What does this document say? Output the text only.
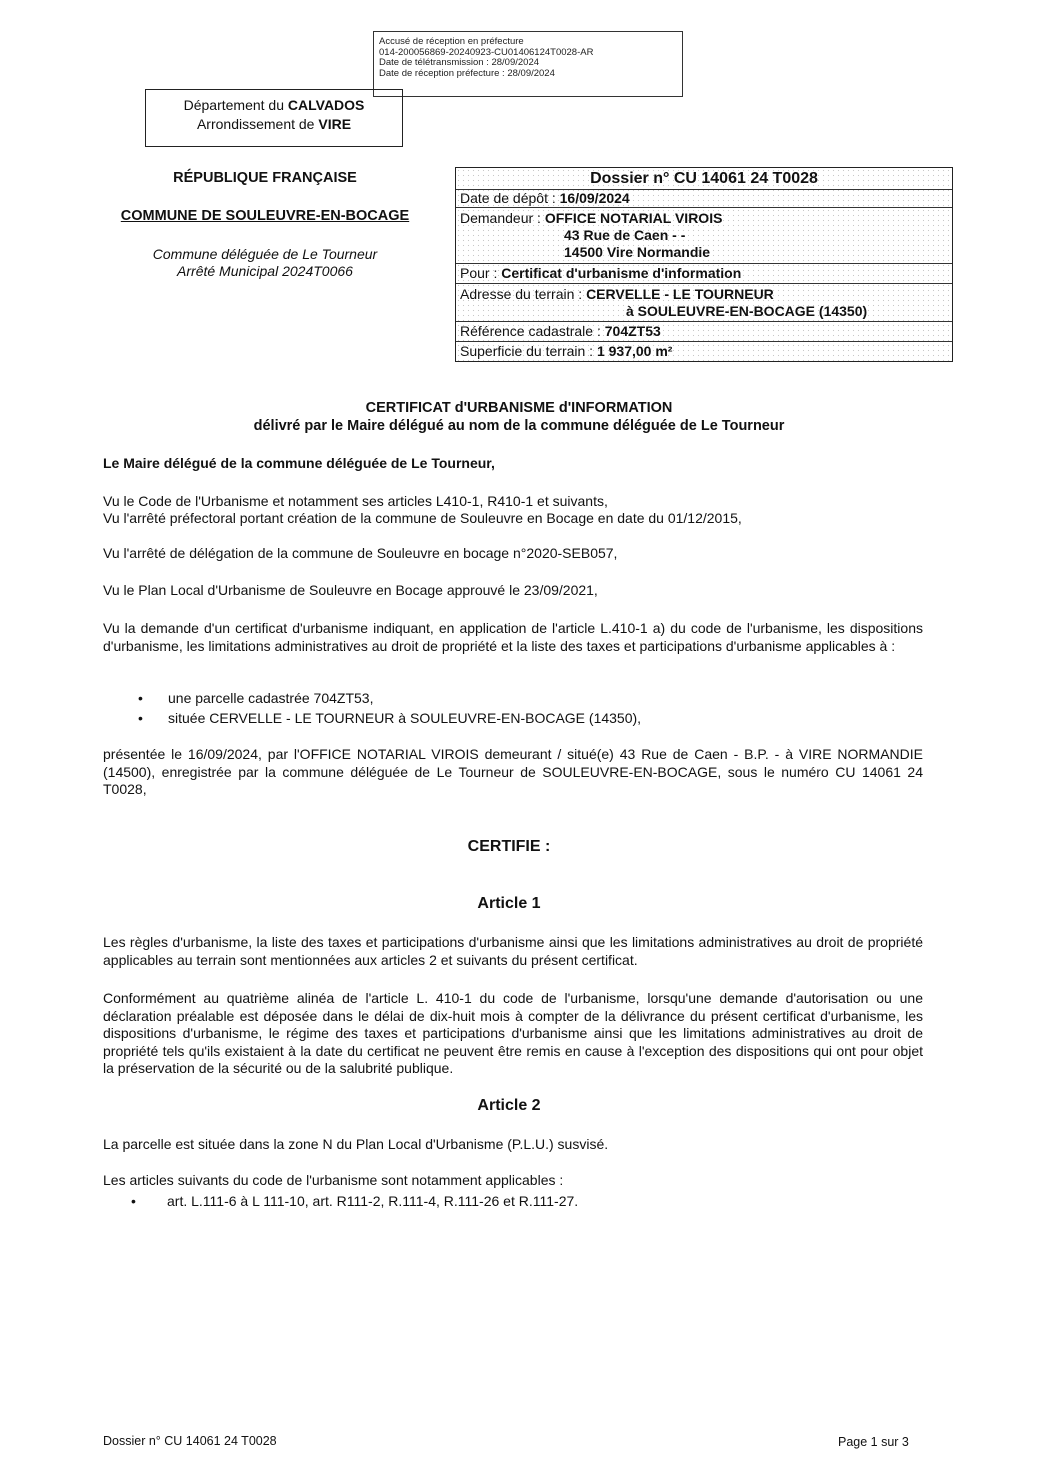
Accusé de réception en préfecture
014-200056869-20240923-CU01406124T0028-AR
Date de télétransmission : 28/09/2024
Date de réception préfecture : 28/09/2024
Département du CALVADOS
Arrondissement de VIRE
RÉPUBLIQUE FRANÇAISE
COMMUNE DE SOULEUVRE-EN-BOCAGE
Commune déléguée de Le Tourneur
Arrêté Municipal 2024T0066
Dossier n° CU 14061 24 T0028
Date de dépôt : 16/09/2024
Demandeur : OFFICE NOTARIAL VIROIS
43 Rue de Caen - -
14500 Vire Normandie
Pour : Certificat d'urbanisme d'information
Adresse du terrain : CERVELLE - LE TOURNEUR
à SOULEUVRE-EN-BOCAGE (14350)
Référence cadastrale : 704ZT53
Superficie du terrain : 1 937,00 m²
CERTIFICAT d'URBANISME d'INFORMATION
délivré par le Maire délégué au nom de la commune déléguée de Le Tourneur
Le Maire délégué de la commune déléguée de Le Tourneur,
Vu le Code de l'Urbanisme et notamment ses articles L410-1, R410-1 et suivants,
Vu l'arrêté préfectoral portant création de la commune de Souleuvre en Bocage en date du 01/12/2015,
Vu l'arrêté de délégation de la commune de Souleuvre en bocage n°2020-SEB057,
Vu le Plan Local d'Urbanisme de Souleuvre en Bocage approuvé le 23/09/2021,
Vu la demande d'un certificat d'urbanisme indiquant, en application de l'article L.410-1 a) du code de l'urbanisme, les dispositions d'urbanisme, les limitations administratives au droit de propriété et la liste des taxes et participations d'urbanisme applicables à :
• une parcelle cadastrée 704ZT53,
• située CERVELLE - LE TOURNEUR à SOULEUVRE-EN-BOCAGE (14350),
présentée le 16/09/2024, par l'OFFICE NOTARIAL VIROIS demeurant / situé(e) 43 Rue de Caen - B.P. - à VIRE NORMANDIE (14500), enregistrée par la commune déléguée de Le Tourneur de SOULEUVRE-EN-BOCAGE, sous le numéro CU 14061 24 T0028,
CERTIFIE :
Article 1
Les règles d'urbanisme, la liste des taxes et participations d'urbanisme ainsi que les limitations administratives au droit de propriété applicables au terrain sont mentionnées aux articles 2 et suivants du présent certificat.
Conformément au quatrième alinéa de l'article L. 410-1 du code de l'urbanisme, lorsqu'une demande d'autorisation ou une déclaration préalable est déposée dans le délai de dix-huit mois à compter de la délivrance du présent certificat d'urbanisme, les dispositions d'urbanisme, le régime des taxes et participations d'urbanisme ainsi que les limitations administratives au droit de propriété tels qu'ils existaient à la date du certificat ne peuvent être remis en cause à l'exception des dispositions qui ont pour objet la préservation de la sécurité ou de la salubrité publique.
Article 2
La parcelle est située dans la zone N du Plan Local d'Urbanisme (P.L.U.) susvisé.
Les articles suivants du code de l'urbanisme sont notamment applicables :
• art. L.111-6 à L 111-10, art. R111-2, R.111-4, R.111-26 et R.111-27.
Dossier n° CU 14061 24 T0028	Page 1 sur 3
